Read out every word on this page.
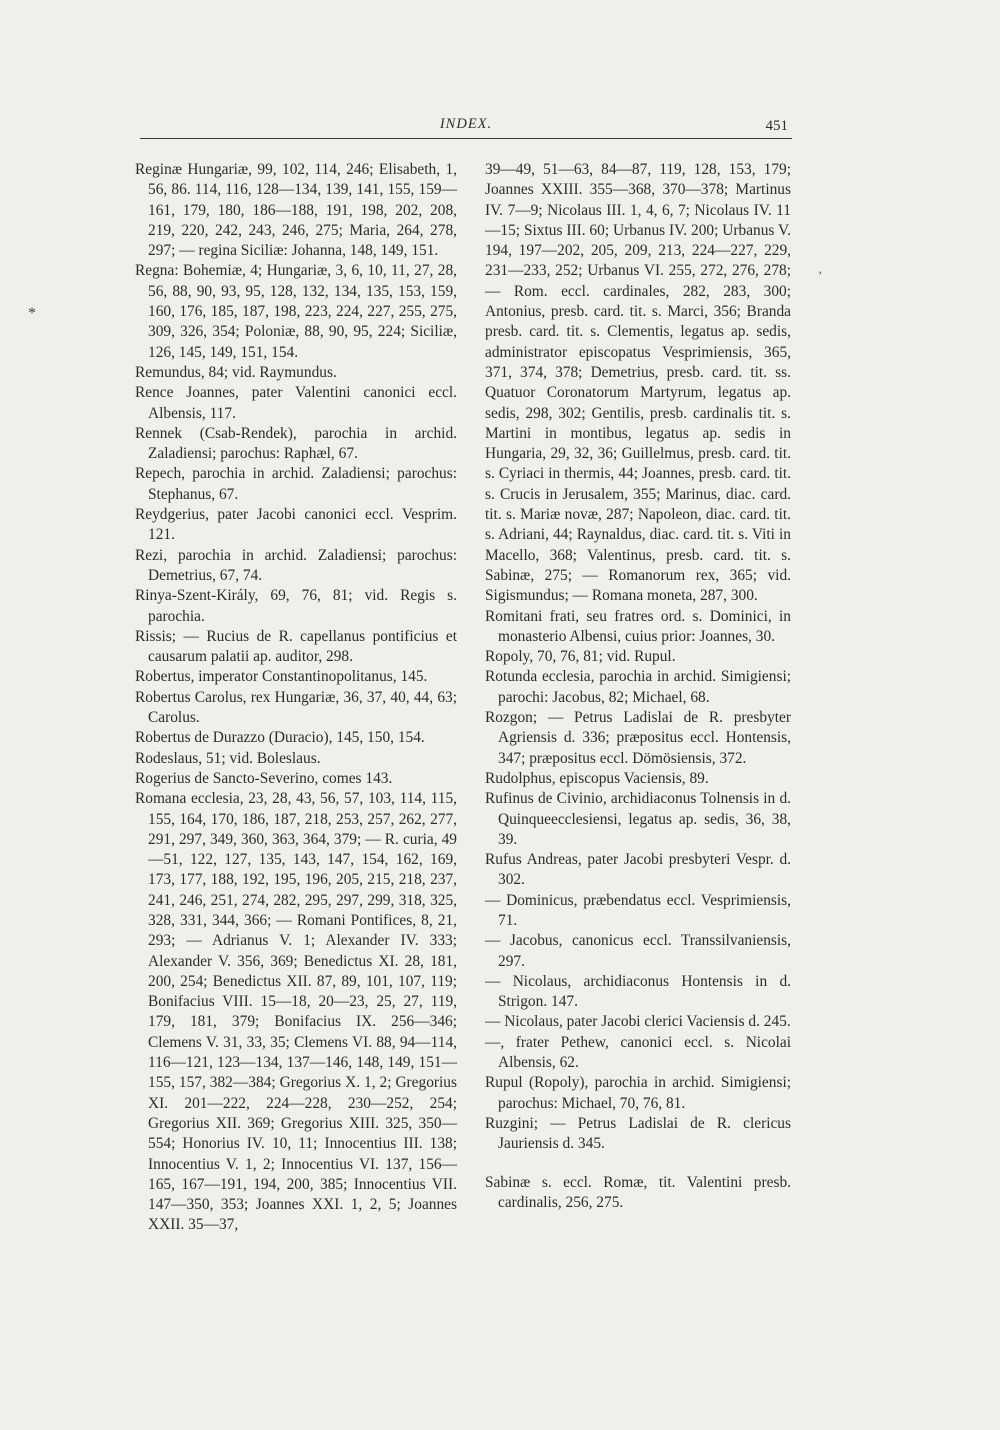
INDEX.	451
*
ʼ

Reginæ Hungariæ, 99, 102, 114, 246; Elisabeth, 1, 56, 86. 114, 116, 128—134, 139, 141, 155, 159—161, 179, 180, 186—188, 191, 198, 202, 208, 219, 220, 242, 243, 246, 275; Maria, 264, 278, 297; — regina Siciliæ: Johanna, 148, 149, 151.

Regna: Bohemiæ, 4; Hungariæ, 3, 6, 10, 11, 27, 28, 56, 88, 90, 93, 95, 128, 132, 134, 135, 153, 159, 160, 176, 185, 187, 198, 223, 224, 227, 255, 275, 309, 326, 354; Poloniæ, 88, 90, 95, 224; Siciliæ, 126, 145, 149, 151, 154.

Remundus, 84; vid. Raymundus.

Rence Joannes, pater Valentini canonici eccl. Albensis, 117.

Rennek (Csab-Rendek), parochia in archid. Zaladiensi; parochus: Raphæl, 67.

Repech, parochia in archid. Zaladiensi; parochus: Stephanus, 67.

Reydgerius, pater Jacobi canonici eccl. Vesprim. 121.

Rezi, parochia in archid. Zaladiensi; parochus: Demetrius, 67, 74.

Rinya-Szent-Király, 69, 76, 81; vid. Regis s. parochia.

Rissis; — Rucius de R. capellanus pontificius et causarum palatii ap. auditor, 298.

Robertus, imperator Constantinopolitanus, 145.

Robertus Carolus, rex Hungariæ, 36, 37, 40, 44, 63; Carolus.

Robertus de Durazzo (Duracio), 145, 150, 154.

Rodeslaus, 51; vid. Boleslaus.

Rogerius de Sancto-Severino, comes 143.

Romana ecclesia, 23, 28, 43, 56, 57, 103, 114, 115, 155, 164, 170, 186, 187, 218, 253, 257, 262, 277, 291, 297, 349, 360, 363, 364, 379; — R. curia, 49—51, 122, 127, 135, 143, 147, 154, 162, 169, 173, 177, 188, 192, 195, 196, 205, 215, 218, 237, 241, 246, 251, 274, 282, 295, 297, 299, 318, 325, 328, 331, 344, 366; — Romani Pontifices, 8, 21, 293; — Adrianus V. 1; Alexander IV. 333; Alexander V. 356, 369; Benedictus XI. 28, 181, 200, 254; Benedictus XII. 87, 89, 101, 107, 119; Bonifacius VIII. 15—18, 20—23, 25, 27, 119, 179, 181, 379; Bonifacius IX. 256—346; Clemens V. 31, 33, 35; Clemens VI. 88, 94—114, 116—121, 123—134, 137—146, 148, 149, 151—155, 157, 382—384; Gregorius X. 1, 2; Gregorius XI. 201—222, 224—228, 230—252, 254; Gregorius XII. 369; Gregorius XIII. 325, 350—554; Honorius IV. 10, 11; Innocentius III. 138; Innocentius V. 1, 2; Innocentius VI. 137, 156—165, 167—191, 194, 200, 385; Innocentius VII. 147—350, 353; Joannes XXI. 1, 2, 5; Joannes XXII. 35—37,

39—49, 51—63, 84—87, 119, 128, 153, 179; Joannes XXIII. 355—368, 370—378; Martinus IV. 7—9; Nicolaus III. 1, 4, 6, 7; Nicolaus IV. 11—15; Sixtus III. 60; Urbanus IV. 200; Urbanus V. 194, 197—202, 205, 209, 213, 224—227, 229, 231—233, 252; Urbanus VI. 255, 272, 276, 278; — Rom. eccl. cardinales, 282, 283, 300; Antonius, presb. card. tit. s. Marci, 356; Branda presb. card. tit. s. Clementis, legatus ap. sedis, administrator episcopatus Vesprimiensis, 365, 371, 374, 378; Demetrius, presb. card. tit. ss. Quatuor Coronatorum Martyrum, legatus ap. sedis, 298, 302; Gentilis, presb. cardinalis tit. s. Martini in montibus, legatus ap. sedis in Hungaria, 29, 32, 36; Guillelmus, presb. card. tit. s. Cyriaci in thermis, 44; Joannes, presb. card. tit. s. Crucis in Jerusalem, 355; Marinus, diac. card. tit. s. Mariæ novæ, 287; Napoleon, diac. card. tit. s. Adriani, 44; Raynaldus, diac. card. tit. s. Viti in Macello, 368; Valentinus, presb. card. tit. s. Sabinæ, 275; — Romanorum rex, 365; vid. Sigismundus; — Romana moneta, 287, 300.

Romitani frati, seu fratres ord. s. Dominici, in monasterio Albensi, cuius prior: Joannes, 30.

Ropoly, 70, 76, 81; vid. Rupul.

Rotunda ecclesia, parochia in archid. Simigiensi; parochi: Jacobus, 82; Michael, 68.

Rozgon; — Petrus Ladislai de R. presbyter Agriensis d. 336; præpositus eccl. Hontensis, 347; præpositus eccl. Dömösiensis, 372.

Rudolphus, episcopus Vaciensis, 89.

Rufinus de Civinio, archidiaconus Tolnensis in d. Quinqueecclesiensi, legatus ap. sedis, 36, 38, 39.

Rufus Andreas, pater Jacobi presbyteri Vespr. d. 302.

— Dominicus, præbendatus eccl. Vesprimiensis, 71.

— Jacobus, canonicus eccl. Transsilvaniensis, 297.

— Nicolaus, archidiaconus Hontensis in d. Strigon. 147.

— Nicolaus, pater Jacobi clerici Vaciensis d. 245.

—, frater Pethew, canonici eccl. s. Nicolai Albensis, 62.

Rupul (Ropoly), parochia in archid. Simigiensi; parochus: Michael, 70, 76, 81.

Ruzgini; — Petrus Ladislai de R. clericus Jauriensis d. 345.

Sabinæ s. eccl. Romæ, tit. Valentini presb. cardinalis, 256, 275.
